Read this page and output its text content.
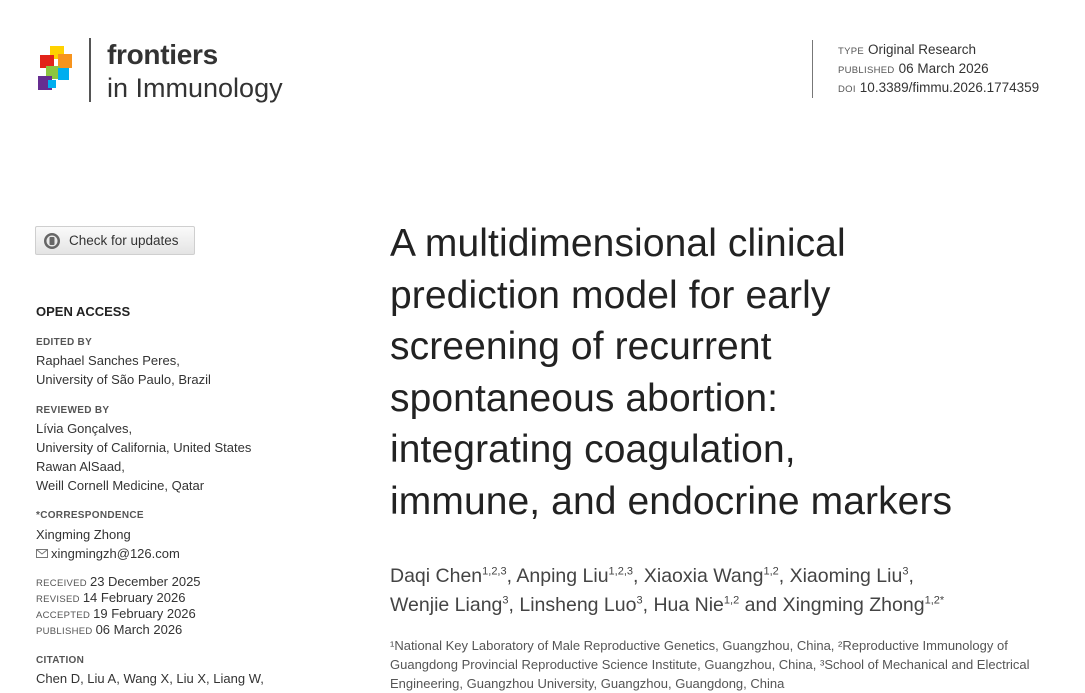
frontiers
in Immunology
TYPE Original Research
PUBLISHED 06 March 2026
DOI 10.3389/fimmu.2026.1774359
Check for updates
OPEN ACCESS
EDITED BY
Raphael Sanches Peres,
University of São Paulo, Brazil
REVIEWED BY
Lívia Gonçalves,
University of California, United States
Rawan AlSaad,
Weill Cornell Medicine, Qatar
*CORRESPONDENCE
Xingming Zhong
xingmingzh@126.com
RECEIVED 23 December 2025
REVISED 14 February 2026
ACCEPTED 19 February 2026
PUBLISHED 06 March 2026
CITATION
Chen D, Liu A, Wang X, Liu X, Liang W,
A multidimensional clinical
prediction model for early
screening of recurrent
spontaneous abortion:
integrating coagulation,
immune, and endocrine markers
Daqi Chen$^{1,2,3}$, Anping Liu$^{1,2,3}$, Xiaoxia Wang$^{1,2}$, Xiaoming Liu$^3$,
Wenjie Liang$^3$, Linsheng Luo$^3$, Hua Nie$^{1,2}$ and Xingming Zhong$^{1,2*}$
¹National Key Laboratory of Male Reproductive Genetics, Guangzhou, China, ²Reproductive Immunology of Guangdong Provincial Reproductive Science Institute, Guangzhou, China, ³School of Mechanical and Electrical Engineering, Guangzhou University, Guangzhou, Guangdong, China
